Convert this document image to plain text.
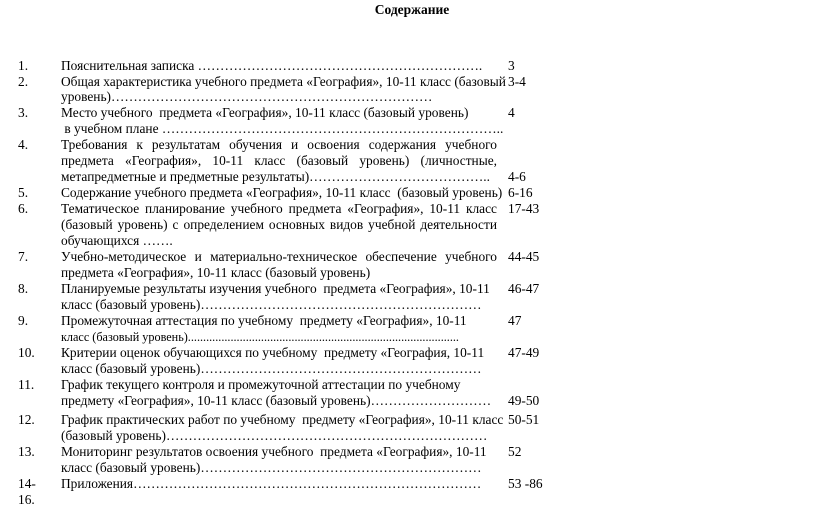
Содержание
1. Пояснительная записка ………………………………………………………. 3
2. Общая характеристика учебного предмета «География», 10-11 класс (базовый
уровень)………………………………………………………………
3-4
3. Место учебного  предмета «География», 10-11 класс (базовый уровень)
в учебном плане …………………………………………………………………..
4
4. Требования к результатам обучения и освоения содержания учебного
предмета «География», 10-11 класс (базовый уровень) (личностные,
метапредметные и предметные результаты)………………………………….. 4-6
5. Содержание учебного предмета «География», 10-11 класс  (базовый уровень) 6-16
6. Тематическое планирование учебного предмета «География», 10-11 класс
(базовый уровень) с определением основных видов учебной деятельности
обучающихся …….
17-43
7. Учебно-методическое и материально-техническое обеспечение учебного
предмета «География», 10-11 класс (базовый уровень)
44-45
8. Планируемые результаты изучения учебного  предмета «География», 10-11
класс (базовый уровень)………………………………………………………
46-47
9. Промежуточная аттестация по учебному  предмету «География», 10-11
класс (базовый уровень).........................................................................................
47
10. Критерии оценок обучающихся по учебному  предмету «География, 10-11
класс (базовый уровень)………………………………………………………
47-49
11. График текущего контроля и промежуточной аттестации по учебному
предмету «География», 10-11 класс (базовый уровень)……………………… 49-50
12. График практических работ по учебному  предмету «География», 10-11 класс
(базовый уровень)………………………………………………………………
50-51
13. Мониторинг результатов освоения учебного  предмета «География», 10-11
класс (базовый уровень)………………………………………………………
52
14- Приложения…………………………………………………………………… 53 -86
16.
